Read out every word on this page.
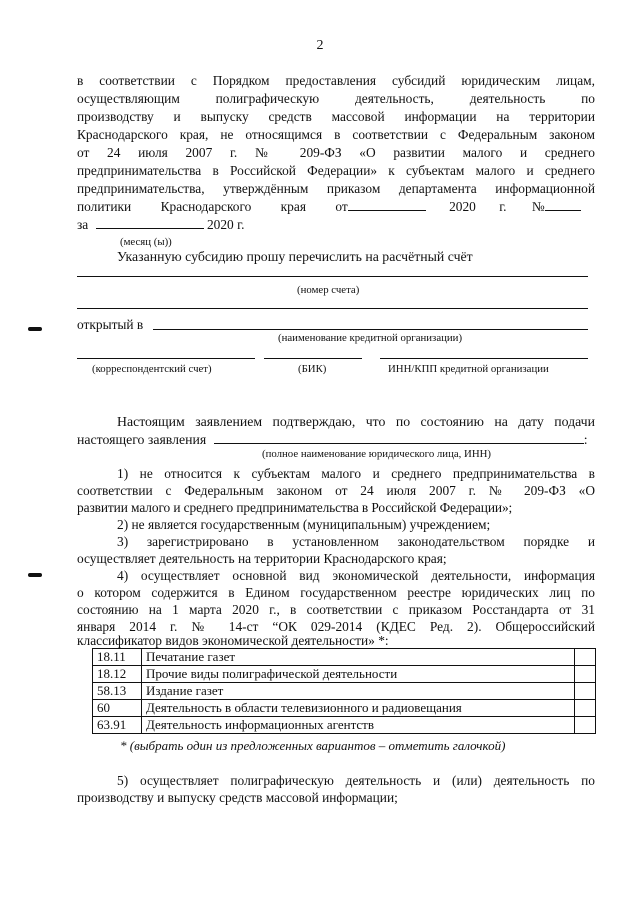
2
в соответствии с Порядком предоставления субсидий юридическим лицам,
осуществляющим полиграфическую деятельность, деятельность по
производству и выпуску средств массовой информации на территории
Краснодарского края, не относящимся в соответствии с Федеральным законом
от 24 июля 2007 г. № 209-ФЗ «О развитии малого и среднего
предпринимательства в Российской Федерации» к субъектам малого и среднего
предпринимательства, утверждённым приказом департамента информационной
политики Краснодарского края от	2020 г. №
за	2020 г.
(месяц (ы))
Указанную субсидию прошу перечислить на расчётный счёт
(номер счета)
открытый в
(наименование кредитной организации)
(корреспондентский счет)	(БИК)	ИНН/КПП кредитной организации
Настоящим заявлением подтверждаю, что по состоянию на дату подачи
настоящего заявления	:
(полное наименование юридического лица, ИНН)
1) не относится к субъектам малого и среднего предпринимательства в
соответствии с Федеральным законом от 24 июля 2007 г. № 209-ФЗ «О
развитии малого и среднего предпринимательства в Российской Федерации»;
2) не является государственным (муниципальным) учреждением;
3) зарегистрировано в установленном законодательством порядке и
осуществляет деятельность на территории Краснодарского края;
4) осуществляет основной вид экономической деятельности, информация
о котором содержится в Едином государственном реестре юридических лиц по
состоянию на 1 марта 2020 г., в соответствии с приказом Росстандарта от 31
января 2014 г. № 14-ст “ОК 029-2014 (КДЕС Ред. 2). Общероссийский
классификатор видов экономической деятельности» *:
18.11	Печатание газет	
18.12	Прочие виды полиграфической деятельности	
58.13	Издание газет	
60	Деятельность в области телевизионного и радиовещания	
63.91	Деятельность информационных агентств	
* (выбрать один из предложенных вариантов – отметить галочкой)
5) осуществляет полиграфическую деятельность и (или) деятельность по
производству и выпуску средств массовой информации;
